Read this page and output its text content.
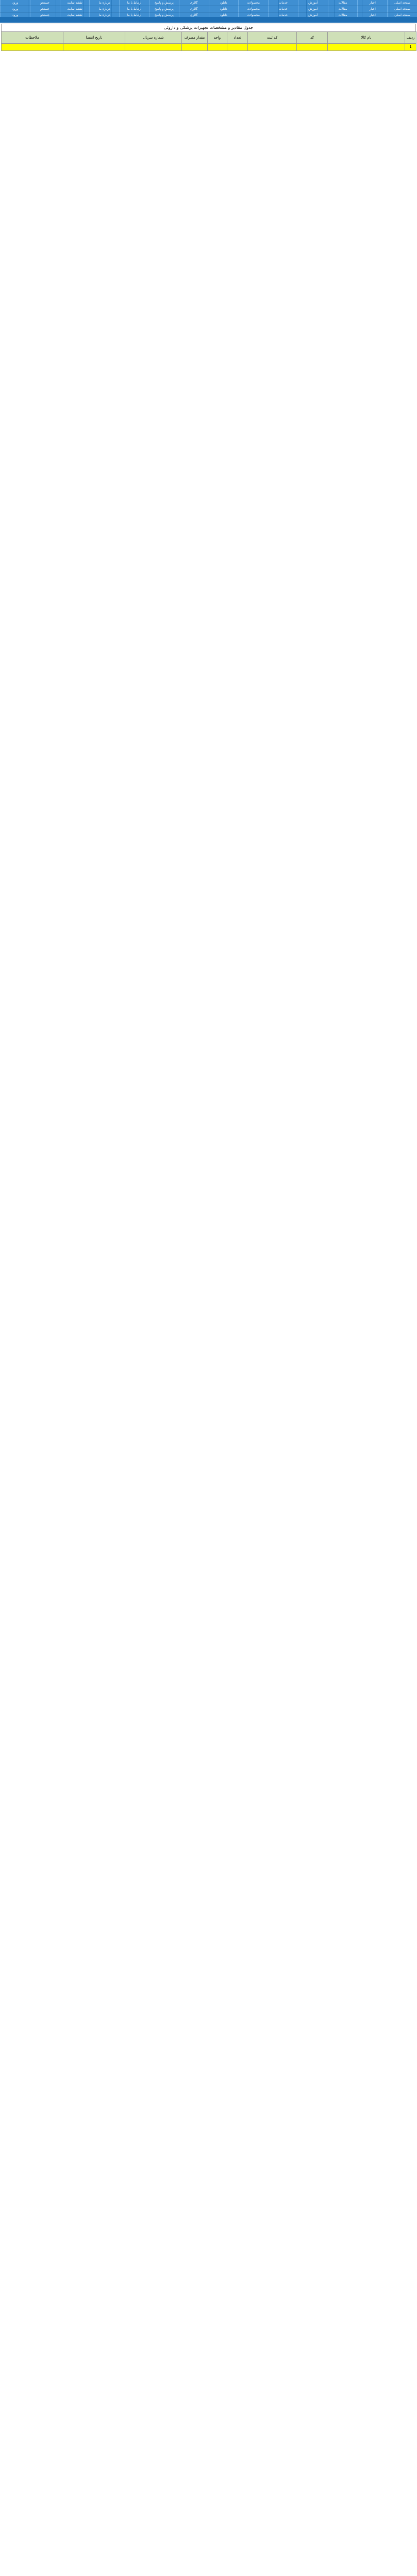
صفحه اصلی
اخبار
مقالات
آموزش
خدمات
محصولات
دانلود
گالری
پرسش و پاسخ
ارتباط با ما
درباره ما
نقشه سایت
جستجو
ورود
صفحه اصلی
اخبار
مقالات
آموزش
خدمات
محصولات
دانلود
گالری
پرسش و پاسخ
ارتباط با ما
درباره ما
نقشه سایت
جستجو
ورود
صفحه اصلی
اخبار
مقالات
آموزش
خدمات
محصولات
دانلود
گالری
پرسش و پاسخ
ارتباط با ما
درباره ما
نقشه سایت
جستجو
ورود
جدول مقادیر و مشخصات تجهیزات پزشکی و داروئی
ردیف	نام کالا	کد	کد ثبت	تعداد	واحد	مقدار مصرف	شماره سریال	تاریخ انقضا	ملاحظات
1									
